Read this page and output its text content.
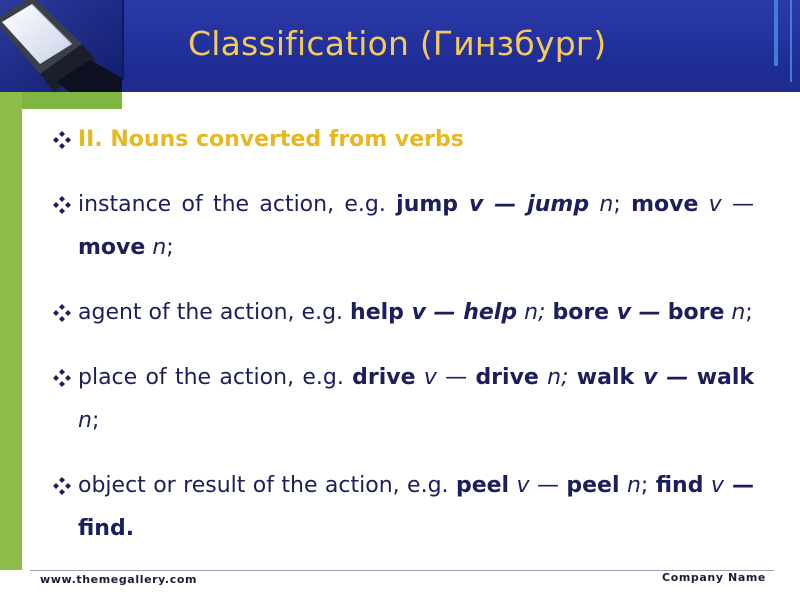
Classification (Гинзбург)
II. Nouns converted from verbs
instance of the action, e.g. jump v — jump n; move v — move n;
agent of the action, e.g. help v — help n; bore v — bore n;
place of the action, e.g. drive v — drive n; walk v — walk n;
object or result of the action, e.g. peel v — peel n; find v — find.
www.themegallery.com	Company Name
